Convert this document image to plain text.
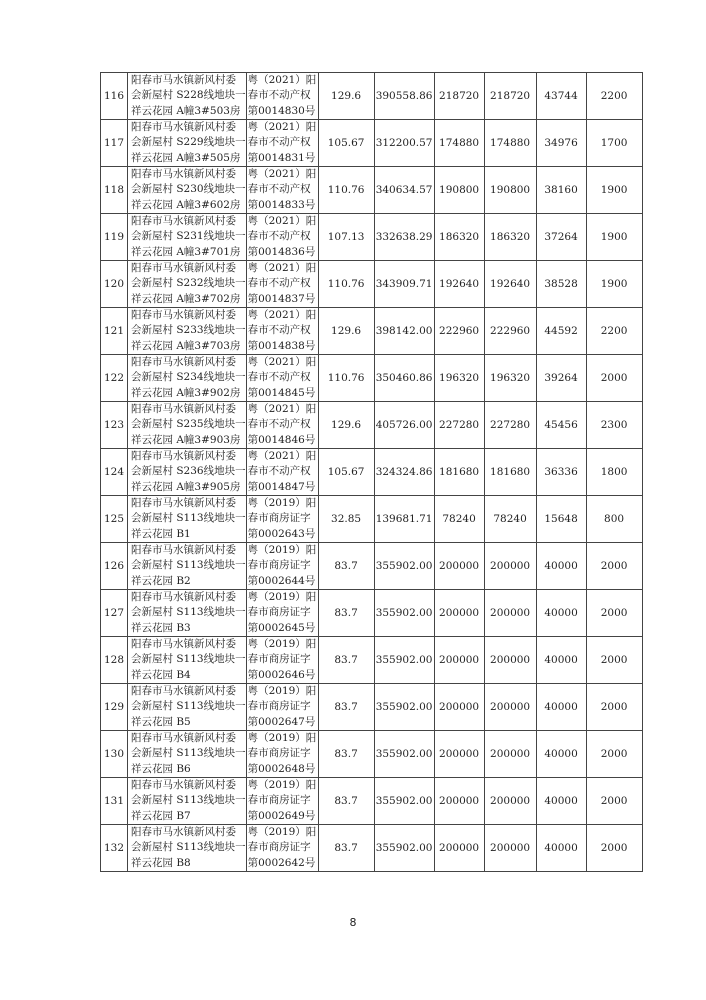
116	阳春市马水镇新风村委
会新屋村 S228线地块一
祥云花园 A幢3#503房	粤（2021）阳
春市不动产权
第0014830号	129.6	390558.86	218720	218720	43744	2200
117	阳春市马水镇新风村委
会新屋村 S229线地块一
祥云花园 A幢3#505房	粤（2021）阳
春市不动产权
第0014831号	105.67	312200.57	174880	174880	34976	1700
118	阳春市马水镇新风村委
会新屋村 S230线地块一
祥云花园 A幢3#602房	粤（2021）阳
春市不动产权
第0014833号	110.76	340634.57	190800	190800	38160	1900
119	阳春市马水镇新风村委
会新屋村 S231线地块一
祥云花园 A幢3#701房	粤（2021）阳
春市不动产权
第0014836号	107.13	332638.29	186320	186320	37264	1900
120	阳春市马水镇新风村委
会新屋村 S232线地块一
祥云花园 A幢3#702房	粤（2021）阳
春市不动产权
第0014837号	110.76	343909.71	192640	192640	38528	1900
121	阳春市马水镇新风村委
会新屋村 S233线地块一
祥云花园 A幢3#703房	粤（2021）阳
春市不动产权
第0014838号	129.6	398142.00	222960	222960	44592	2200
122	阳春市马水镇新风村委
会新屋村 S234线地块一
祥云花园 A幢3#902房	粤（2021）阳
春市不动产权
第0014845号	110.76	350460.86	196320	196320	39264	2000
123	阳春市马水镇新风村委
会新屋村 S235线地块一
祥云花园 A幢3#903房	粤（2021）阳
春市不动产权
第0014846号	129.6	405726.00	227280	227280	45456	2300
124	阳春市马水镇新风村委
会新屋村 S236线地块一
祥云花园 A幢3#905房	粤（2021）阳
春市不动产权
第0014847号	105.67	324324.86	181680	181680	36336	1800
125	阳春市马水镇新风村委
会新屋村 S113线地块一
祥云花园 B1	粤（2019）阳
春市商房证字
第0002643号	32.85	139681.71	78240	78240	15648	800
126	阳春市马水镇新风村委
会新屋村 S113线地块一
祥云花园 B2	粤（2019）阳
春市商房证字
第0002644号	83.7	355902.00	200000	200000	40000	2000
127	阳春市马水镇新风村委
会新屋村 S113线地块一
祥云花园 B3	粤（2019）阳
春市商房证字
第0002645号	83.7	355902.00	200000	200000	40000	2000
128	阳春市马水镇新风村委
会新屋村 S113线地块一
祥云花园 B4	粤（2019）阳
春市商房证字
第0002646号	83.7	355902.00	200000	200000	40000	2000
129	阳春市马水镇新风村委
会新屋村 S113线地块一
祥云花园 B5	粤（2019）阳
春市商房证字
第0002647号	83.7	355902.00	200000	200000	40000	2000
130	阳春市马水镇新风村委
会新屋村 S113线地块一
祥云花园 B6	粤（2019）阳
春市商房证字
第0002648号	83.7	355902.00	200000	200000	40000	2000
131	阳春市马水镇新风村委
会新屋村 S113线地块一
祥云花园 B7	粤（2019）阳
春市商房证字
第0002649号	83.7	355902.00	200000	200000	40000	2000
132	阳春市马水镇新风村委
会新屋村 S113线地块一
祥云花园 B8	粤（2019）阳
春市商房证字
第0002642号	83.7	355902.00	200000	200000	40000	2000
8
